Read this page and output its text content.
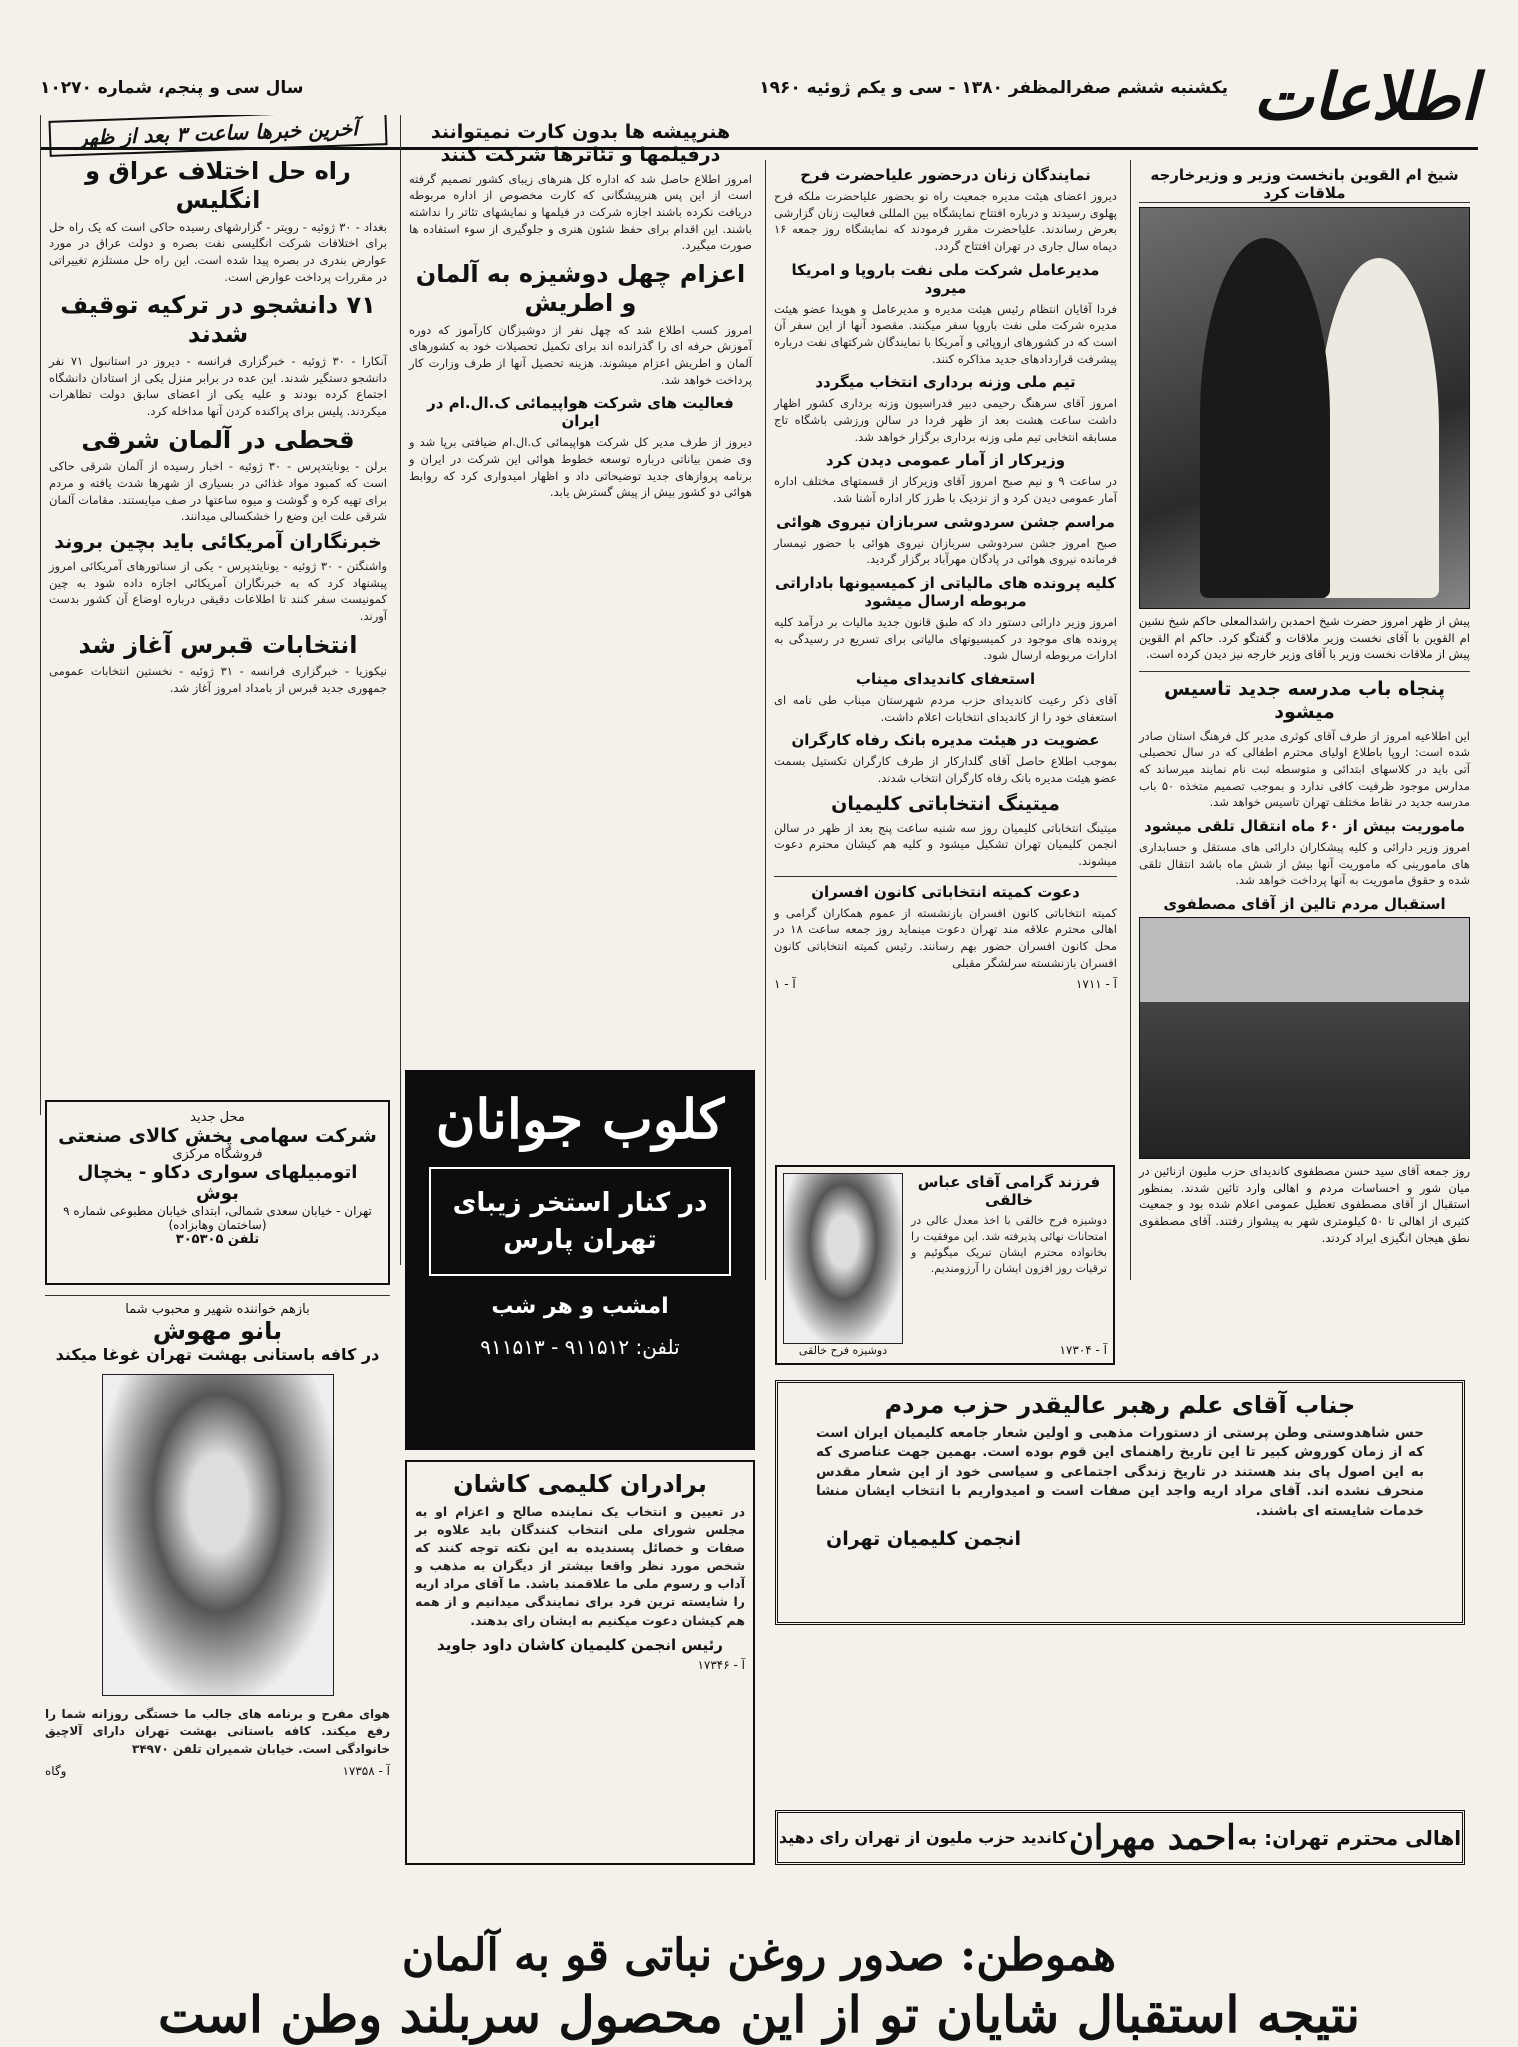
اطلاعات
یکشنبه ششم صفرالمظفر ۱۳۸۰ - سی و یکم ژوئیه ۱۹۶۰
سال سی و پنجم، شماره ۱۰۲۷۰
شیخ ام القوین بانخست وزیر و وزیرخارجه ملاقات کرد

پیش از ظهر امروز حضرت شیخ احمدبن راشدالمعلی حاکم شیخ نشین ام القوین با آقای نخست وزیر ملاقات و گفتگو کرد. حاکم ام القوین پیش از ملاقات نخست وزیر با آقای وزیر خارجه نیز دیدن کرده است.

پنجاه باب مدرسه جدید تاسیس میشود

این اطلاعیه امروز از طرف آقای کوثری مدیر کل فرهنگ استان صادر شده است: اروپا باطلاع اولیای محترم اطفالی که در سال تحصیلی آتی باید در کلاسهای ابتدائی و متوسطه ثبت نام نمایند میرساند که مدارس موجود ظرفیت کافی ندارد و بموجب تصمیم متخذه ۵۰ باب مدرسه جدید در نقاط مختلف تهران تاسیس خواهد شد.

ماموریت بیش از ۶۰ ماه انتقال تلقی میشود

امروز وزیر دارائی و کلیه پیشکاران دارائی های مستقل و حسابداری های مامورینی که ماموریت آنها بیش از شش ماه باشد انتقال تلقی شده و حقوق ماموریت به آنها پرداخت خواهد شد.

استقبال مردم تالین از آقای مصطفوی

روز جمعه آقای سید حسن مصطفوی کاندیدای حزب ملیون ازنائین در میان شور و احساسات مردم و اهالی وارد تائین شدند. بمنظور استقبال از آقای مصطفوی تعطیل عمومی اعلام شده بود و جمعیت کثیری از اهالی تا ۵۰ کیلومتری شهر به پیشواز رفتند. آقای مصطفوی نطق هیجان انگیزی ایراد کردند.

نمایندگان زنان درحضور علیاحضرت فرح

دیروز اعضای هیئت مدیره جمعیت راه نو بحضور علیاحضرت ملکه فرح پهلوی رسیدند و درباره افتتاح نمایشگاه بین المللی فعالیت زنان گزارشی بعرض رساندند. علیاحضرت مقرر فرمودند که نمایشگاه روز جمعه ۱۶ دیماه سال جاری در تهران افتتاح گردد.

مدیرعامل شرکت ملی نفت باروپا و امریکا میرود

فردا آقایان انتظام رئیس هیئت مدیره و مدیرعامل و هویدا عضو هیئت مدیره شرکت ملی نفت باروپا سفر میکنند. مقصود آنها از این سفر آن است که در کشورهای اروپائی و آمریکا با نمایندگان شرکتهای نفت درباره پیشرفت قراردادهای جدید مذاکره کنند.

تیم ملی وزنه برداری انتخاب میگردد

امروز آقای سرهنگ رحیمی دبیر فدراسیون وزنه برداری کشور اظهار داشت ساعت هشت بعد از ظهر فردا در سالن ورزشی باشگاه تاج مسابقه انتخابی تیم ملی وزنه برداری برگزار خواهد شد.

وزیرکار از آمار عمومی دیدن کرد

در ساعت ۹ و نیم صبح امروز آقای وزیرکار از قسمتهای مختلف اداره آمار عمومی دیدن کرد و از نزدیک با طرز کار اداره آشنا شد.

مراسم جشن سردوشی سربازان نیروی هوائی

صبح امروز جشن سردوشی سربازان نیروی هوائی با حضور تیمسار فرمانده نیروی هوائی در پادگان مهرآباد برگزار گردید.

کلیه پرونده های مالیاتی از کمیسیونها باداراتی مربوطه ارسال میشود

امروز وزیر دارائی دستور داد که طبق قانون جدید مالیات بر درآمد کلیه پرونده های موجود در کمیسیونهای مالیاتی برای تسریع در رسیدگی به ادارات مربوطه ارسال شود.

استعفای کاندیدای میناب

آقای ذکر رعیت کاندیدای حزب مردم شهرستان میناب طی نامه ای استعفای خود را از کاندیدای انتخابات اعلام داشت.

عضویت در هیئت مدیره بانک رفاه کارگران

بموجب اطلاع حاصل آقای گلدارکار از طرف کارگران تکستیل بسمت عضو هیئت مدیره بانک رفاه کارگران انتخاب شدند.

میتینگ انتخاباتی کلیمیان

میتینگ انتخاباتی کلیمیان روز سه شنبه ساعت پنج بعد از ظهر در سالن انجمن کلیمیان تهران تشکیل میشود و کلیه هم کیشان محترم دعوت میشوند.

دعوت کمیته انتخاباتی کانون افسران

کمیته انتخاباتی کانون افسران بازنشسته از عموم همکاران گرامی و اهالی محترم علاقه مند تهران دعوت مینماید روز جمعه ساعت ۱۸ در محل کانون افسران حضور بهم رسانند. رئیس کمیته انتخاباتی کانون افسران بازنشسته سرلشگر مقبلی

آ - ۱۷۱۱
آ - ۱
فرزند گرامی آقای عباس خالقی

دوشیزه فرح خالقی با اخذ معدل عالی در امتحانات نهائی پذیرفته شد. این موفقیت را بخانواده محترم ایشان تبریک میگوئیم و ترقیات روز افزون ایشان را آرزومندیم.

آ - ۱۷۳۰۴
دوشیزه فرح خالقی
هنرپیشه ها بدون کارت نمیتوانند درفیلمها و تئاترها شرکت کنند

امروز اطلاع حاصل شد که اداره کل هنرهای زیبای کشور تصمیم گرفته است از این پس هنرپیشگانی که کارت مخصوص از اداره مربوطه دریافت نکرده باشند اجازه شرکت در فیلمها و نمایشهای تئاتر را نداشته باشند. این اقدام برای حفظ شئون هنری و جلوگیری از سوء استفاده ها صورت میگیرد.

اعزام چهل دوشیزه به آلمان و اطریش

امروز کسب اطلاع شد که چهل نفر از دوشیزگان کارآموز که دوره آموزش حرفه ای را گذرانده اند برای تکمیل تحصیلات خود به کشورهای آلمان و اطریش اعزام میشوند. هزینه تحصیل آنها از طرف وزارت کار پرداخت خواهد شد.

فعالیت های شرکت هواپیمائی ک.ال.ام در ایران

دیروز از طرف مدیر کل شرکت هواپیمائی ک.ال.ام ضیافتی برپا شد و وی ضمن بیاناتی درباره توسعه خطوط هوائی این شرکت در ایران و برنامه پروازهای جدید توضیحاتی داد و اظهار امیدواری کرد که روابط هوائی دو کشور بیش از پیش گسترش یابد.

کلوب جوانان
در کنار استخر زیبای تهران پارس
امشب و هر شب
تلفن: ۹۱۱۵۱۲ - ۹۱۱۵۱۳
برادران کلیمی کاشان

در تعیین و انتخاب یک نماینده صالح و اعزام او به مجلس شورای ملی انتخاب کنندگان باید علاوه بر صفات و خصائل پسندیده به این نکته توجه کنند که شخص مورد نظر واقعا بیشتر از دیگران به مذهب و آداب و رسوم ملی ما علاقمند باشد. ما آقای مراد اریه را شایسته ترین فرد برای نمایندگی میدانیم و از همه هم کیشان دعوت میکنیم به ایشان رای بدهند.

رئیس انجمن کلیمیان کاشان داود جاوید
آ - ۱۷۳۴۶
آخرین خبرها ساعت ۳ بعد از ظهر
راه حل اختلاف عراق و انگلیس

بغداد - ۳۰ ژوئیه - رویتر - گزارشهای رسیده حاکی است که یک راه حل برای اختلافات شرکت انگلیسی نفت بصره و دولت عراق در مورد عوارض بندری در بصره پیدا شده است. این راه حل مستلزم تغییراتی در مقررات پرداخت عوارض است.

۷۱ دانشجو در ترکیه توقیف شدند

آنکارا - ۳۰ ژوئیه - خبرگزاری فرانسه - دیروز در استانبول ۷۱ نفر دانشجو دستگیر شدند. این عده در برابر منزل یکی از استادان دانشگاه اجتماع کرده بودند و علیه یکی از اعضای سابق دولت تظاهرات میکردند. پلیس برای پراکنده کردن آنها مداخله کرد.

قحطی در آلمان شرقی

برلن - یونایتدپرس - ۳۰ ژوئیه - اخبار رسیده از آلمان شرقی حاکی است که کمبود مواد غذائی در بسیاری از شهرها شدت یافته و مردم برای تهیه کره و گوشت و میوه ساعتها در صف میایستند. مقامات آلمان شرقی علت این وضع را خشکسالی میدانند.

خبرنگاران آمریکائی باید بچین بروند

واشنگتن - ۳۰ ژوئیه - یونایتدپرس - یکی از سناتورهای آمریکائی امروز پیشنهاد کرد که به خبرنگاران آمریکائی اجازه داده شود به چین کمونیست سفر کنند تا اطلاعات دقیقی درباره اوضاع آن کشور بدست آورند.

انتخابات قبرس آغاز شد

نیکوزیا - خبرگزاری فرانسه - ۳۱ ژوئیه - نخستین انتخابات عمومی جمهوری جدید قبرس از بامداد امروز آغاز شد.

محل جدید
شرکت سهامی پخش کالای صنعتی
فروشگاه مرکزی
اتومبیلهای سواری دکاو - یخچال بوش
تهران - خیابان سعدی شمالی، ابتدای خیابان مطبوعی شماره ۹ (ساختمان وهابزاده)
تلفن ۳۰۵۳۰۵
بازهم خواننده شهیر و محبوب شما
بانو مهوش
در کافه باستانی بهشت تهران غوغا میکند

هوای مفرح و برنامه های جالب ما خستگی روزانه شما را رفع میکند. کافه باستانی بهشت تهران دارای آلاچیق خانوادگی است. خیابان شمیران تلفن ۳۴۹۷۰

آ - ۱۷۳۵۸
وگاه
جناب آقای علم رهبر عالیقدر حزب مردم

حس شاهدوستی وطن پرستی از دستورات مذهبی و اولین شعار جامعه کلیمیان ایران است که از زمان کوروش کبیر تا این تاریخ راهنمای این قوم بوده است. بهمین جهت عناصری که به این اصول پای بند هستند در تاریخ زندگی اجتماعی و سیاسی خود از این شعار مقدس منحرف نشده اند. آقای مراد اریه واجد این صفات است و امیدواریم با انتخاب ایشان منشا خدمات شایسته ای باشند.

انجمن کلیمیان تهران
اهالی محترم تهران: به
احمد مهران
کاندید حزب ملیون از تهران رای دهید
هموطن: صدور روغن نباتی قو به آلمان
نتیجه استقبال شایان تو از این محصول سربلند وطن است
